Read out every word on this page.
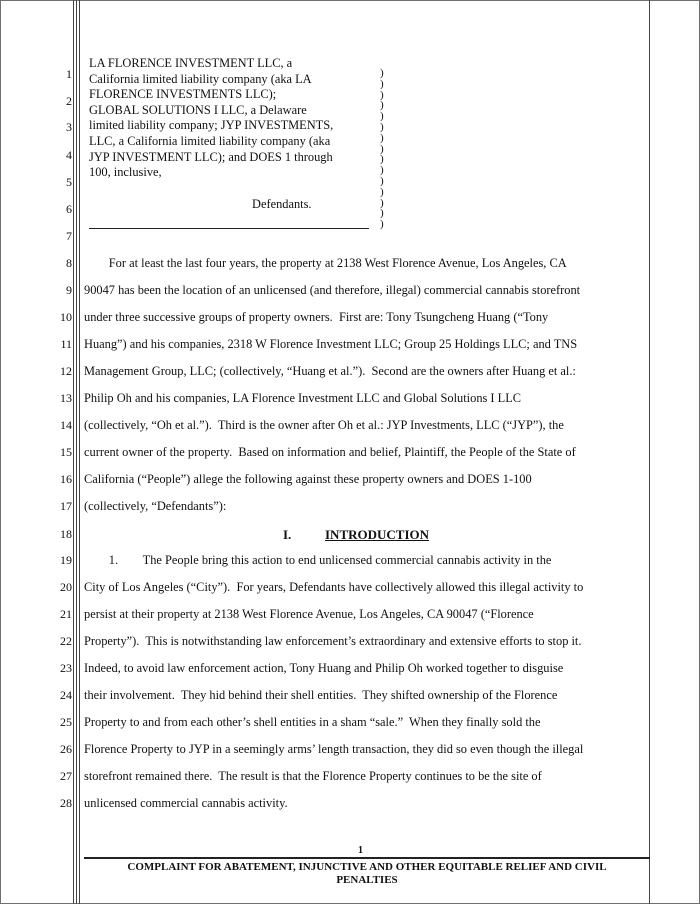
1
2
3
4
5
6
7
8
9
10
11
12
13
14
15
16
17
18
19
20
21
22
23
24
25
26
27
28
LA FLORENCE INVESTMENT LLC, a
California limited liability company (aka LA
FLORENCE INVESTMENTS LLC);
GLOBAL SOLUTIONS I LLC, a Delaware
limited liability company; JYP INVESTMENTS,
LLC, a California limited liability company (aka
JYP INVESTMENT LLC); and DOES 1 through
100, inclusive,
)
)
)
)
)
)
)
)
)
)
)
)
)
)
)
Defendants.
For at least the last four years, the property at 2138 West Florence Avenue, Los Angeles, CA
90047 has been the location of an unlicensed (and therefore, illegal) commercial cannabis storefront
under three successive groups of property owners.  First are: Tony Tsungcheng Huang (“Tony
Huang”) and his companies, 2318 W Florence Investment LLC; Group 25 Holdings LLC; and TNS
Management Group, LLC; (collectively, “Huang et al.”).  Second are the owners after Huang et al.:
Philip Oh and his companies, LA Florence Investment LLC and Global Solutions I LLC
(collectively, “Oh et al.”).  Third is the owner after Oh et al.: JYP Investments, LLC (“JYP”), the
current owner of the property.  Based on information and belief, Plaintiff, the People of the State of
California (“People”) allege the following against these property owners and DOES 1-100
(collectively, “Defendants”):
1.        The People bring this action to end unlicensed commercial cannabis activity in the
City of Los Angeles (“City”).  For years, Defendants have collectively allowed this illegal activity to
persist at their property at 2138 West Florence Avenue, Los Angeles, CA 90047 (“Florence
Property”).  This is notwithstanding law enforcement’s extraordinary and extensive efforts to stop it.
Indeed, to avoid law enforcement action, Tony Huang and Philip Oh worked together to disguise
their involvement.  They hid behind their shell entities.  They shifted ownership of the Florence
Property to and from each other’s shell entities in a sham “sale.”  When they finally sold the
Florence Property to JYP in a seemingly arms’ length transaction, they did so even though the illegal
storefront remained there.  The result is that the Florence Property continues to be the site of
unlicensed commercial cannabis activity.
I.	INTRODUCTION
1
COMPLAINT FOR ABATEMENT, INJUNCTIVE AND OTHER EQUITABLE RELIEF AND CIVIL
PENALTIES
